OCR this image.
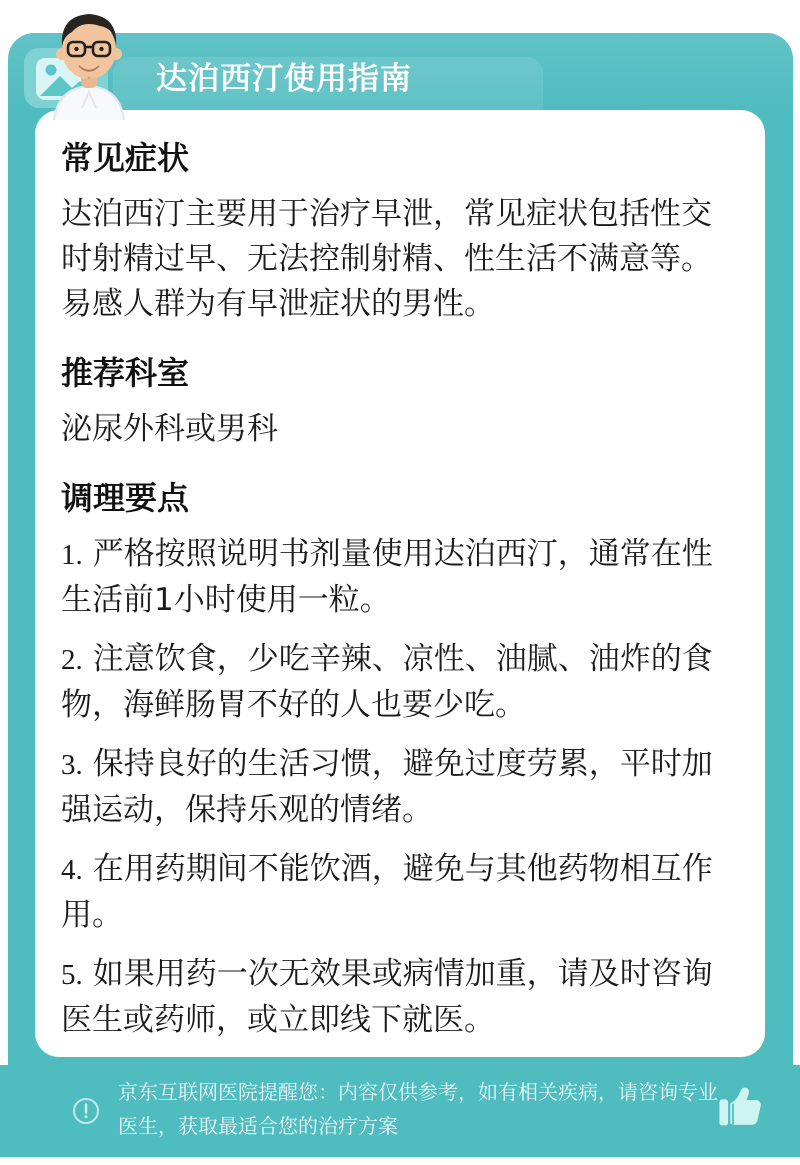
达泊西汀使用指南
常见症状

达泊西汀主要用于治疗早泄，常见症状包括性交时射精过早、无法控制射精、性生活不满意等。易感人群为有早泄症状的男性。

推荐科室

泌尿外科或男科

调理要点

1. 严格按照说明书剂量使用达泊西汀，通常在性生活前1小时使用一粒。

2. 注意饮食，少吃辛辣、凉性、油腻、油炸的食物，海鲜肠胃不好的人也要少吃。

3. 保持良好的生活习惯，避免过度劳累，平时加强运动，保持乐观的情绪。

4. 在用药期间不能饮酒，避免与其他药物相互作用。

5. 如果用药一次无效果或病情加重，请及时咨询医生或药师，或立即线下就医。

京东互联网医院提醒您：内容仅供参考，如有相关疾病，请咨询专业医生，获取最适合您的治疗方案
